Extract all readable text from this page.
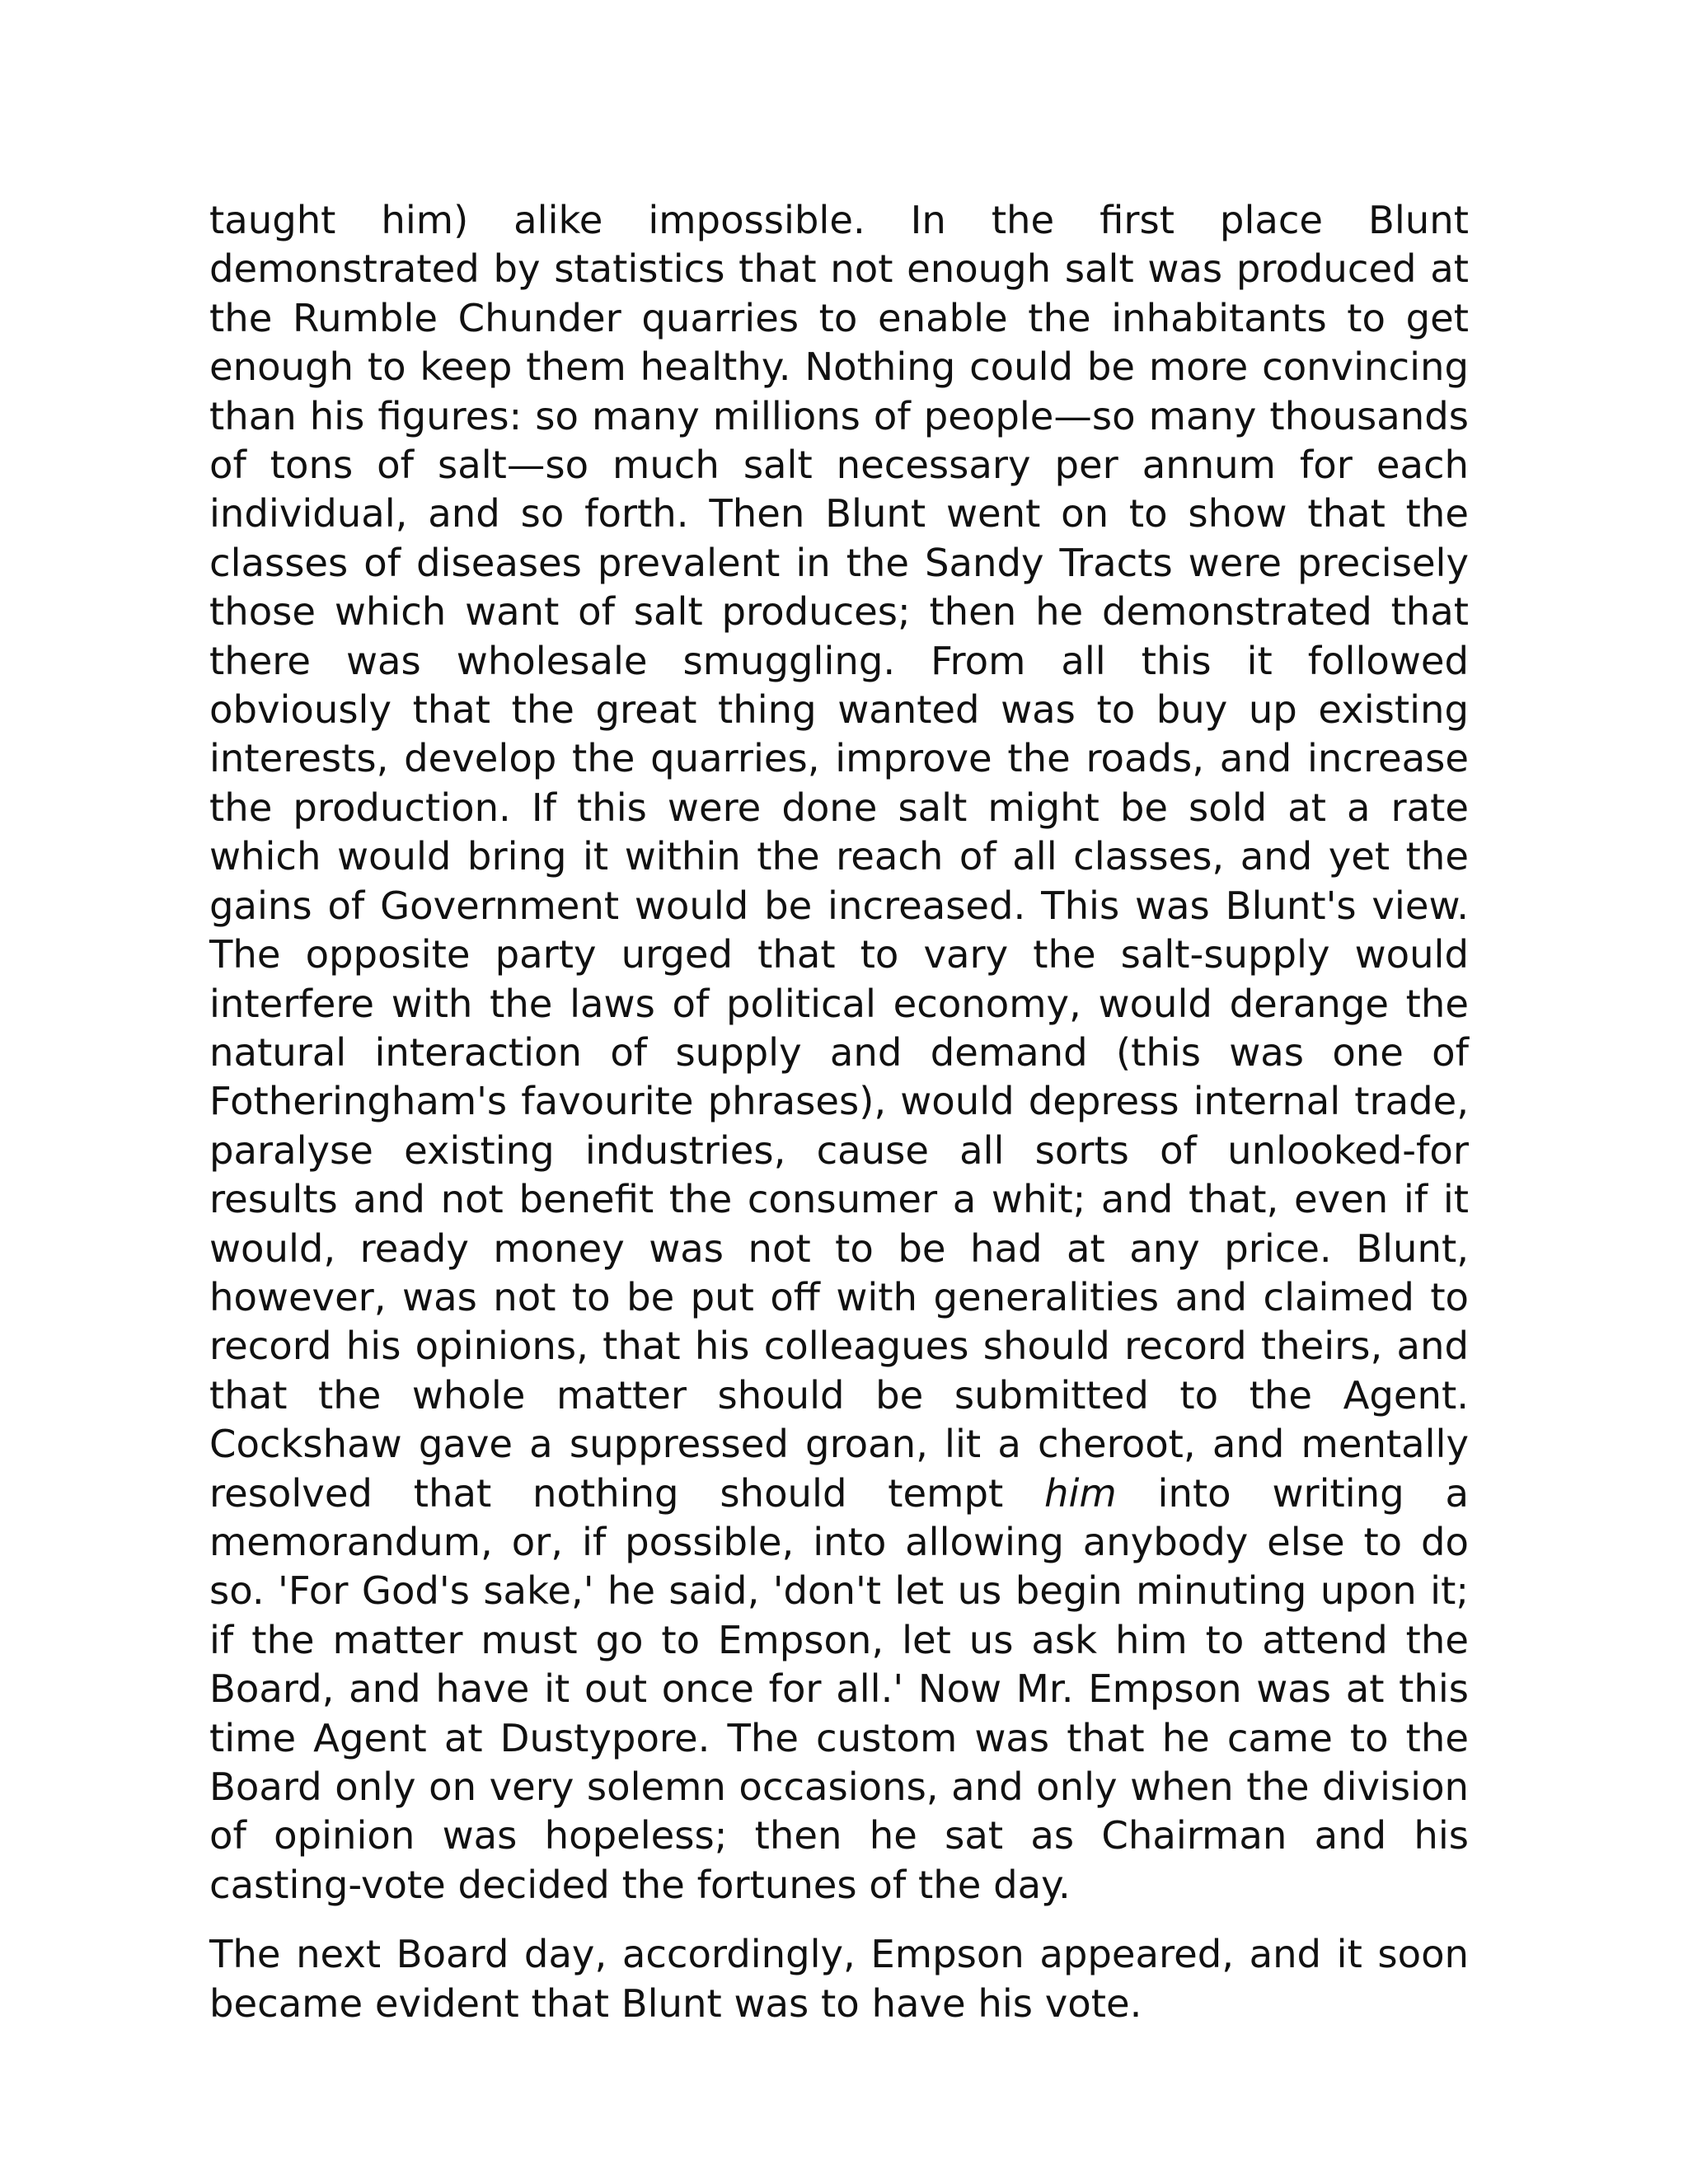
taught him) alike impossible. In the first place Blunt demonstrated by statistics that not enough salt was produced at the Rumble Chunder quarries to enable the inhabitants to get enough to keep them healthy. Nothing could be more convincing than his figures: so many millions of people—so many thousands of tons of salt—so much salt necessary per annum for each individual, and so forth. Then Blunt went on to show that the classes of diseases prevalent in the Sandy Tracts were precisely those which want of salt produces; then he demonstrated that there was wholesale smuggling. From all this it followed obviously that the great thing wanted was to buy up existing interests, develop the quarries, improve the roads, and increase the production. If this were done salt might be sold at a rate which would bring it within the reach of all classes, and yet the gains of Government would be increased. This was Blunt's view. The opposite party urged that to vary the salt-supply would interfere with the laws of political economy, would derange the natural interaction of supply and demand (this was one of Fotheringham's favourite phrases), would depress internal trade, paralyse existing industries, cause all sorts of unlooked-for results and not benefit the consumer a whit; and that, even if it would, ready money was not to be had at any price. Blunt, however, was not to be put off with generalities and claimed to record his opinions, that his colleagues should record theirs, and that the whole matter should be submitted to the Agent. Cockshaw gave a suppressed groan, lit a cheroot, and mentally resolved that nothing should tempt him into writing a memorandum, or, if possible, into allowing anybody else to do so. 'For God's sake,' he said, 'don't let us begin minuting upon it; if the matter must go to Empson, let us ask him to attend the Board, and have it out once for all.' Now Mr. Empson was at this time Agent at Dustypore. The custom was that he came to the Board only on very solemn occasions, and only when the division of opinion was hopeless; then he sat as Chairman and his casting-vote decided the fortunes of the day.

The next Board day, accordingly, Empson appeared, and it soon became evident that Blunt was to have his vote.
